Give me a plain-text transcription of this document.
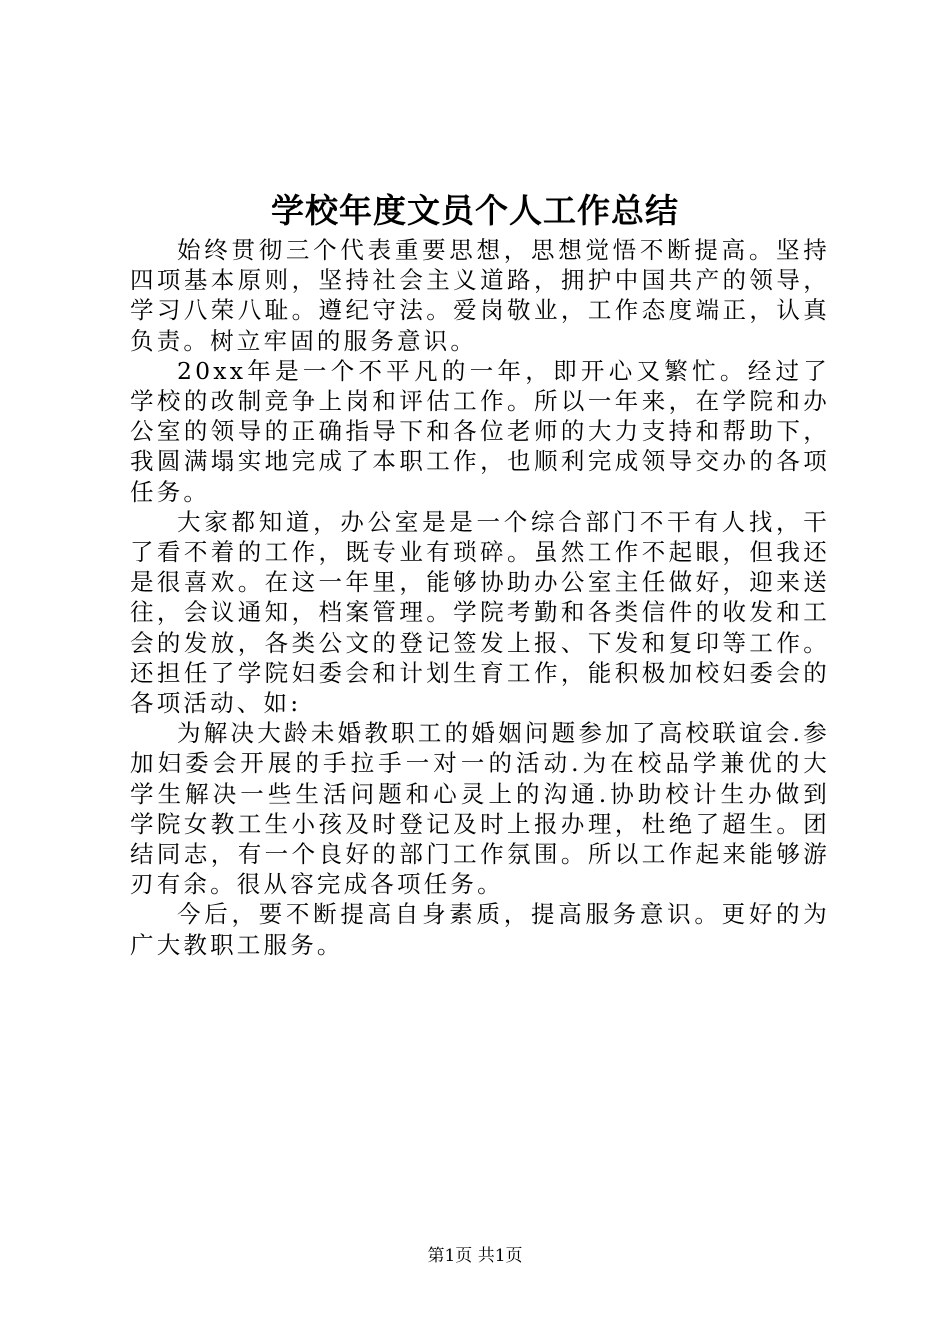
学校年度文员个人工作总结

始终贯彻三个代表重要思想，思想觉悟不断提高。坚持四项基本原则，坚持社会主义道路，拥护中国共产的领导，学习八荣八耻。遵纪守法。爱岗敬业，工作态度端正，认真负责。树立牢固的服务意识。

20xx年是一个不平凡的一年，即开心又繁忙。经过了学校的改制竞争上岗和评估工作。所以一年来，在学院和办公室的领导的正确指导下和各位老师的大力支持和帮助下，我圆满塌实地完成了本职工作，也顺利完成领导交办的各项任务。

大家都知道，办公室是是一个综合部门不干有人找，干了看不着的工作，既专业有琐碎。虽然工作不起眼，但我还是很喜欢。在这一年里，能够协助办公室主任做好，迎来送往，会议通知，档案管理。学院考勤和各类信件的收发和工会的发放，各类公文的登记签发上报、下发和复印等工作。还担任了学院妇委会和计划生育工作，能积极加校妇委会的各项活动、如:

为解决大龄未婚教职工的婚姻问题参加了高校联谊会.参加妇委会开展的手拉手一对一的活动.为在校品学兼优的大学生解决一些生活问题和心灵上的沟通.协助校计生办做到学院女教工生小孩及时登记及时上报办理，杜绝了超生。团结同志，有一个良好的部门工作氛围。所以工作起来能够游刃有余。很从容完成各项任务。

今后，要不断提高自身素质，提高服务意识。更好的为广大教职工服务。

第1页 共1页
